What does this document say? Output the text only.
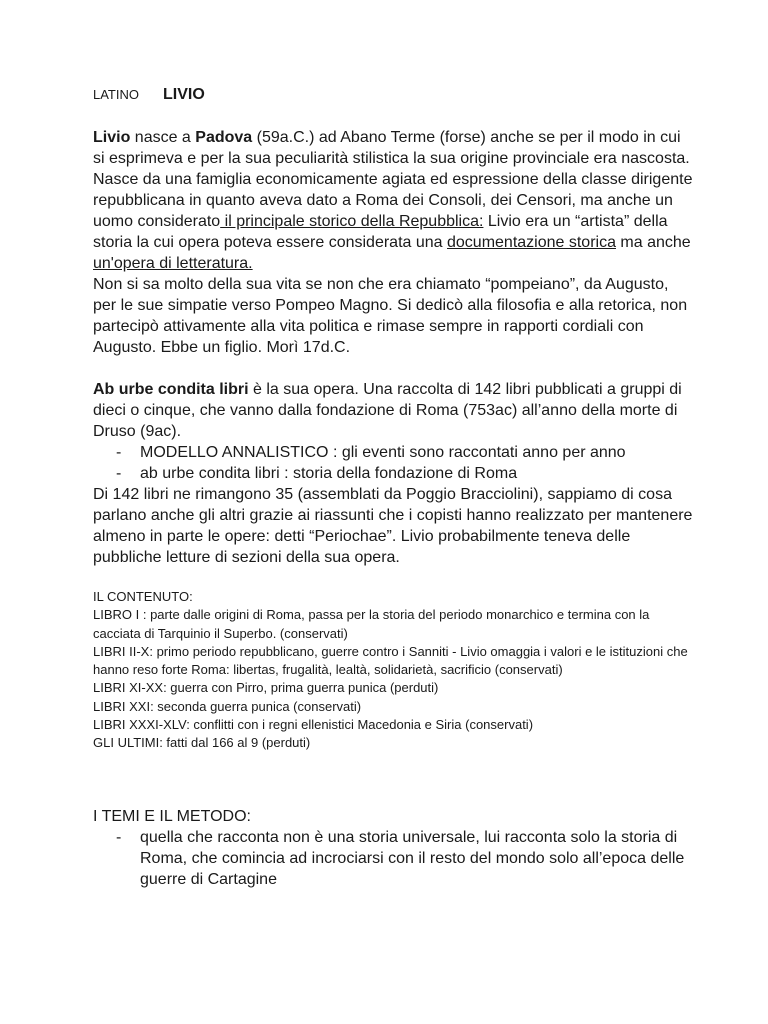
LATINO LIVIO
Livio nasce a Padova (59a.C.) ad Abano Terme (forse) anche se per il modo in cui si esprimeva e per la sua peculiarità stilistica la sua origine provinciale era nascosta.
Nasce da una famiglia economicamente agiata ed espressione della classe dirigente repubblicana in quanto aveva dato a Roma dei Consoli, dei Censori, ma anche un uomo considerato il principale storico della Repubblica: Livio era un “artista” della storia la cui opera poteva essere considerata una documentazione storica ma anche un'opera di letteratura.
Non si sa molto della sua vita se non che era chiamato “pompeiano”, da Augusto, per le sue simpatie verso Pompeo Magno. Si dedicò alla filosofia e alla retorica, non partecipò attivamente alla vita politica e rimase sempre in rapporti cordiali con Augusto. Ebbe un figlio. Morì 17d.C.
Ab urbe condita libri è la sua opera. Una raccolta di 142 libri pubblicati a gruppi di dieci o cinque, che vanno dalla fondazione di Roma (753ac) all’anno della morte di Druso (9ac).
- MODELLO ANNALISTICO : gli eventi sono raccontati anno per anno
- ab urbe condita libri : storia della fondazione di Roma
Di 142 libri ne rimangono 35 (assemblati da Poggio Bracciolini), sappiamo di cosa parlano anche gli altri grazie ai riassunti che i copisti hanno realizzato per mantenere almeno in parte le opere: detti “Periochae”. Livio probabilmente teneva delle pubbliche letture di sezioni della sua opera.
IL CONTENUTO:
LIBRO I : parte dalle origini di Roma, passa per la storia del periodo monarchico e termina con la cacciata di Tarquinio il Superbo. (conservati)
LIBRI II-X: primo periodo repubblicano, guerre contro i Sanniti - Livio omaggia i valori e le istituzioni che hanno reso forte Roma: libertas, frugalità, lealtà, solidarietà, sacrificio (conservati)
LIBRI XI-XX: guerra con Pirro, prima guerra punica (perduti)
LIBRI XXI: seconda guerra punica (conservati)
LIBRI XXXI-XLV: conflitti con i regni ellenistici Macedonia e Siria (conservati)
GLI ULTIMI: fatti dal 166 al 9 (perduti)
I TEMI E IL METODO:
- quella che racconta non è una storia universale, lui racconta solo la storia di Roma, che comincia ad incrociarsi con il resto del mondo solo all’epoca delle guerre di Cartagine
